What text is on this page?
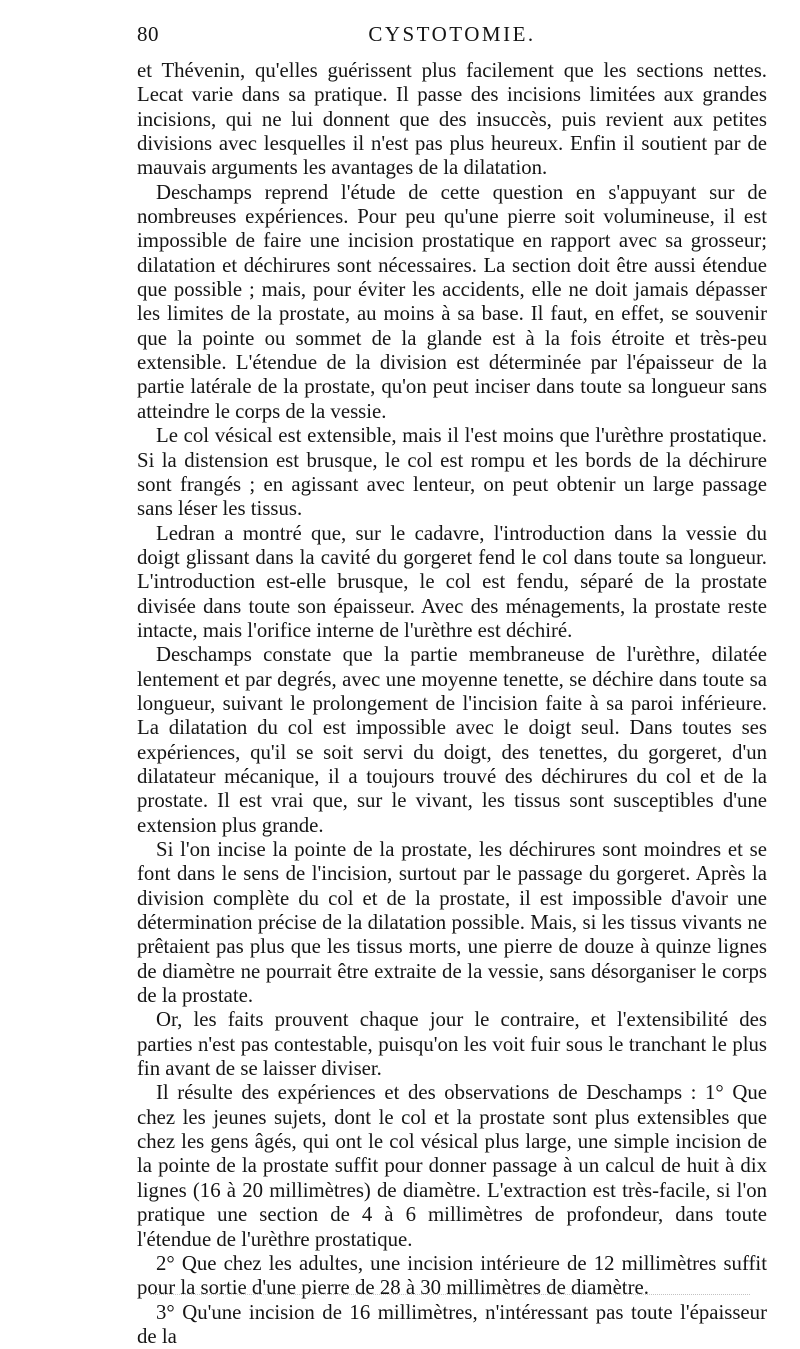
80	CYSTOTOMIE.

et Thévenin, qu'elles guérissent plus facilement que les sections nettes. Lecat varie dans sa pratique. Il passe des incisions limitées aux grandes incisions, qui ne lui donnent que des insuccès, puis revient aux petites divisions avec lesquelles il n'est pas plus heureux. Enfin il soutient par de mauvais arguments les avantages de la dilatation.

Deschamps reprend l'étude de cette question en s'appuyant sur de nombreuses expériences. Pour peu qu'une pierre soit volumineuse, il est impossible de faire une incision prostatique en rapport avec sa grosseur; dilatation et déchirures sont nécessaires. La section doit être aussi étendue que possible ; mais, pour éviter les accidents, elle ne doit jamais dépasser les limites de la prostate, au moins à sa base. Il faut, en effet, se souvenir que la pointe ou sommet de la glande est à la fois étroite et très-peu extensible. L'étendue de la division est déterminée par l'épaisseur de la partie latérale de la prostate, qu'on peut inciser dans toute sa longueur sans atteindre le corps de la vessie.

Le col vésical est extensible, mais il l'est moins que l'urèthre prostatique. Si la distension est brusque, le col est rompu et les bords de la déchirure sont frangés ; en agissant avec lenteur, on peut obtenir un large passage sans léser les tissus.

Ledran a montré que, sur le cadavre, l'introduction dans la vessie du doigt glissant dans la cavité du gorgeret fend le col dans toute sa longueur. L'introduction est-elle brusque, le col est fendu, séparé de la prostate divisée dans toute son épaisseur. Avec des ménagements, la prostate reste intacte, mais l'orifice interne de l'urèthre est déchiré.

Deschamps constate que la partie membraneuse de l'urèthre, dilatée lentement et par degrés, avec une moyenne tenette, se déchire dans toute sa longueur, suivant le prolongement de l'incision faite à sa paroi inférieure. La dilatation du col est impossible avec le doigt seul. Dans toutes ses expériences, qu'il se soit servi du doigt, des tenettes, du gorgeret, d'un dilatateur mécanique, il a toujours trouvé des déchirures du col et de la prostate. Il est vrai que, sur le vivant, les tissus sont susceptibles d'une extension plus grande.

Si l'on incise la pointe de la prostate, les déchirures sont moindres et se font dans le sens de l'incision, surtout par le passage du gorgeret. Après la division complète du col et de la prostate, il est impossible d'avoir une détermination précise de la dilatation possible. Mais, si les tissus vivants ne prêtaient pas plus que les tissus morts, une pierre de douze à quinze lignes de diamètre ne pourrait être extraite de la vessie, sans désorganiser le corps de la prostate.

Or, les faits prouvent chaque jour le contraire, et l'extensibilité des parties n'est pas contestable, puisqu'on les voit fuir sous le tranchant le plus fin avant de se laisser diviser.

Il résulte des expériences et des observations de Deschamps : 1° Que chez les jeunes sujets, dont le col et la prostate sont plus extensibles que chez les gens âgés, qui ont le col vésical plus large, une simple incision de la pointe de la prostate suffit pour donner passage à un calcul de huit à dix lignes (16 à 20 millimètres) de diamètre. L'extraction est très-facile, si l'on pratique une section de 4 à 6 millimètres de profondeur, dans toute l'étendue de l'urèthre prostatique.

2° Que chez les adultes, une incision intérieure de 12 millimètres suffit pour la sortie d'une pierre de 28 à 30 millimètres de diamètre.

3° Qu'une incision de 16 millimètres, n'intéressant pas toute l'épaisseur de la
